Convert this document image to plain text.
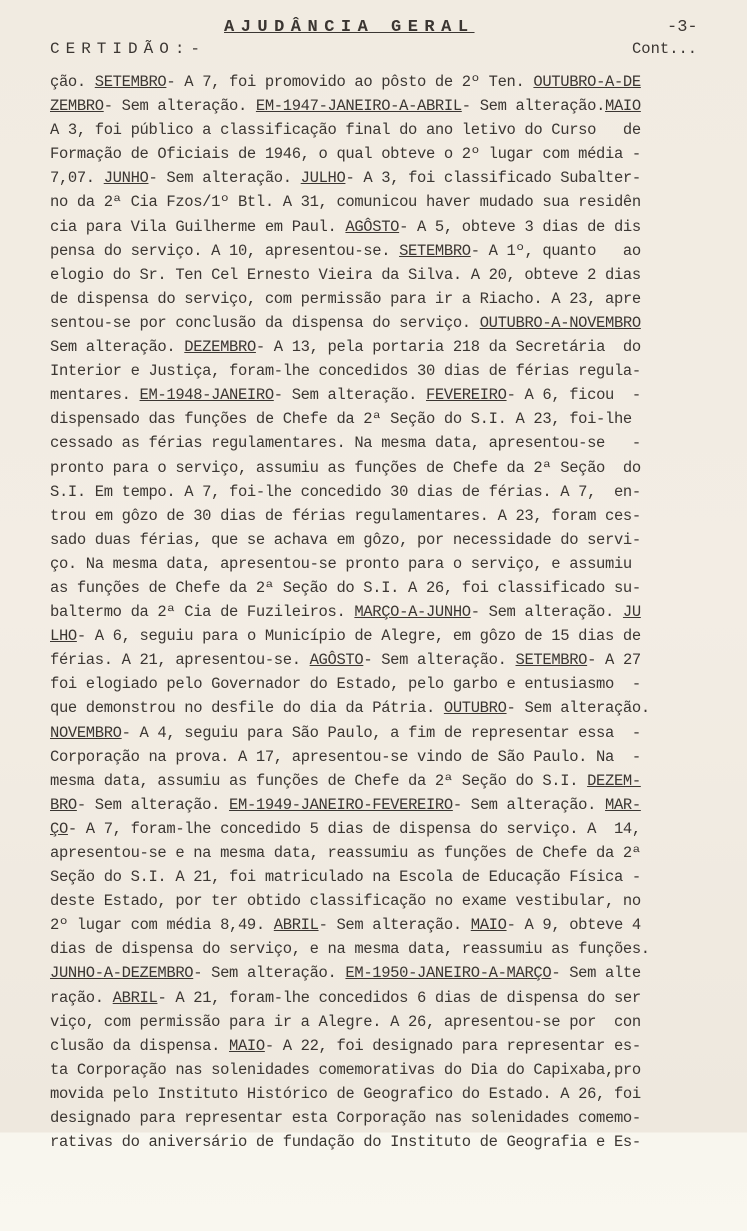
AJUDÂNCIA GERAL	-3-
CERTIDÃO:-	Cont...
ção. SETEMBRO- A 7, foi promovido ao pôsto de 2º Ten. OUTUBRO-A-DE
ZEMBRO- Sem alteração. EM-1947-JANEIRO-A-ABRIL- Sem alteração.MAIO
A 3, foi público a classificação final do ano letivo do Curso   de
Formação de Oficiais de 1946, o qual obteve o 2º lugar com média -
7,07. JUNHO- Sem alteração. JULHO- A 3, foi classificado Subalter-
no da 2ª Cia Fzos/1º Btl. A 31, comunicou haver mudado sua residên
cia para Vila Guilherme em Paul. AGÔSTO- A 5, obteve 3 dias de dis
pensa do serviço. A 10, apresentou-se. SETEMBRO- A 1º, quanto   ao
elogio do Sr. Ten Cel Ernesto Vieira da Silva. A 20, obteve 2 dias
de dispensa do serviço, com permissão para ir a Riacho. A 23, apre
sentou-se por conclusão da dispensa do serviço. OUTUBRO-A-NOVEMBRO
Sem alteração. DEZEMBRO- A 13, pela portaria 218 da Secretária  do
Interior e Justiça, foram-lhe concedidos 30 dias de férias regula-
mentares. EM-1948-JANEIRO- Sem alteração. FEVEREIRO- A 6, ficou  -
dispensado das funções de Chefe da 2ª Seção do S.I. A 23, foi-lhe
cessado as férias regulamentares. Na mesma data, apresentou-se   -
pronto para o serviço, assumiu as funções de Chefe da 2ª Seção  do
S.I. Em tempo. A 7, foi-lhe concedido 30 dias de férias. A 7,  en-
trou em gôzo de 30 dias de férias regulamentares. A 23, foram ces-
sado duas férias, que se achava em gôzo, por necessidade do servi-
ço. Na mesma data, apresentou-se pronto para o serviço, e assumiu
as funções de Chefe da 2ª Seção do S.I. A 26, foi classificado su-
baltermo da 2ª Cia de Fuzileiros. MARÇO-A-JUNHO- Sem alteração. JU
LHO- A 6, seguiu para o Município de Alegre, em gôzo de 15 dias de
férias. A 21, apresentou-se. AGÔSTO- Sem alteração. SETEMBRO- A 27
foi elogiado pelo Governador do Estado, pelo garbo e entusiasmo  -
que demonstrou no desfile do dia da Pátria. OUTUBRO- Sem alteração.
NOVEMBRO- A 4, seguiu para São Paulo, a fim de representar essa  -
Corporação na prova. A 17, apresentou-se vindo de São Paulo. Na  -
mesma data, assumiu as funções de Chefe da 2ª Seção do S.I. DEZEM-
BRO- Sem alteração. EM-1949-JANEIRO-FEVEREIRO- Sem alteração. MAR-
ÇO- A 7, foram-lhe concedido 5 dias de dispensa do serviço. A  14,
apresentou-se e na mesma data, reassumiu as funções de Chefe da 2ª
Seção do S.I. A 21, foi matriculado na Escola de Educação Física -
deste Estado, por ter obtido classificação no exame vestibular, no
2º lugar com média 8,49. ABRIL- Sem alteração. MAIO- A 9, obteve 4
dias de dispensa do serviço, e na mesma data, reassumiu as funções.
JUNHO-A-DEZEMBRO- Sem alteração. EM-1950-JANEIRO-A-MARÇO- Sem alte
ração. ABRIL- A 21, foram-lhe concedidos 6 dias de dispensa do ser
viço, com permissão para ir a Alegre. A 26, apresentou-se por  con
clusão da dispensa. MAIO- A 22, foi designado para representar es-
ta Corporação nas solenidades comemorativas do Dia do Capixaba,pro
movida pelo Instituto Histórico de Geografico do Estado. A 26, foi
designado para representar esta Corporação nas solenidades comemo-
rativas do aniversário de fundação do Instituto de Geografia e Es-
